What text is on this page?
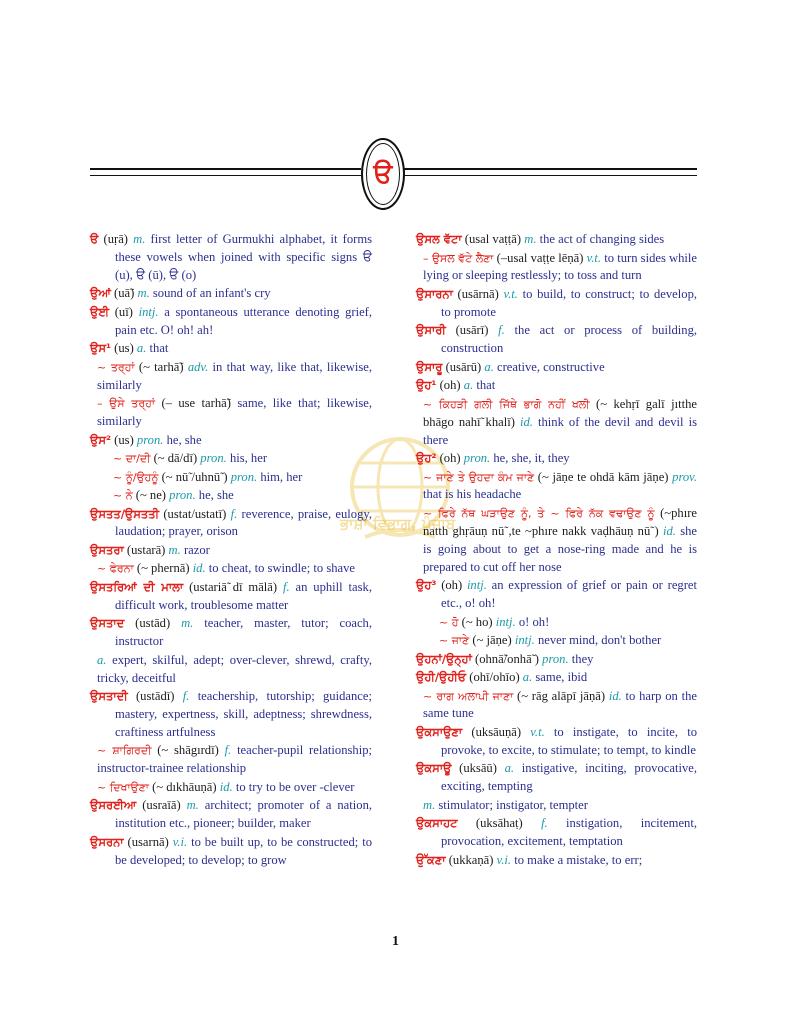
ੳ
ਭਾਸ਼ਾ ਵਿਭਾਗ, ਪੰਜਾਬ
ੳ (uṛā) m. first letter of Gurmukhi alphabet, it forms these vowels when joined with specific signs ੳ (u), ੳ (ū), ੳ (o)
ਉਆਂ (uā̃) m. sound of an infant's cry
ਉਈ (uī) intj. a spontaneous utterance denoting grief, pain etc. O! oh! ah!
ਉਸ¹ (us) a. that
~ ਤਰ੍ਹਾਂ (~ tarhā̃) adv. in that way, like that, likewise, similarly
– ਉਸੇ ਤਰ੍ਹਾਂ (– use tarhā̃) same, like that; likewise, similarly
ਉਸ² (us) pron. he, she
~ ਦਾ/ਦੀ (~ dā/dī) pron. his, her
~ ਨੂੰ/ਉਹਨੂੰ (~ nū̃ /uhnū̃ ) pron. him, her
~ ਨੇ (~ ne) pron. he, she
ਉਸਤਤ/ਉਸਤਤੀ (ustat/ustatī) f. reverence, praise, eulogy, laudation; prayer, orison
ਉਸਤਰਾ (ustarā) m. razor
~ ਫੇਰਨਾ (~ phernā) id. to cheat, to swindle; to shave
ਉਸਤਰਿਆਂ ਦੀ ਮਾਲਾ (ustariā̃ dī mālā) f. an uphill task, difficult work, troublesome matter
ਉਸਤਾਦ (ustād) m. teacher, master, tutor; coach, instructor
a. expert, skilful, adept; over-clever, shrewd, crafty, tricky, deceitful
ਉਸਤਾਦੀ (ustādī) f. teachership, tutorship; guidance; mastery, expertness, skill, adeptness; shrewdness, craftiness artfulness
~ ਸ਼ਾਗਿਰਦੀ (~ shāgırdī) f. teacher-pupil relationship; instructor-trainee relationship
~ ਦਿਖਾਉਣਾ (~ dıkhāuṇā) id. to try to be over -clever
ਉਸਰਈਆ (usraīā) m. architect; promoter of a nation, institution etc., pioneer; builder, maker
ਉਸਰਨਾ (usarnā) v.i. to be built up, to be constructed; to be developed; to develop; to grow
ਉਸਲ ਵੱਟਾ (usal vaṭṭā) m. the act of changing sides
– ਉਸਲ ਵੱਟੇ ਲੈਣਾ (–usal vaṭṭe lēṇā) v.t. to turn sides while lying or sleeping restlessly; to toss and turn
ਉਸਾਰਨਾ (usārnā) v.t. to build, to construct; to develop, to promote
ਉਸਾਰੀ (usārī) f. the act or process of building, construction
ਉਸਾਰੂ (usārū) a. creative, constructive
ਉਹ¹ (oh) a. that
~ ਕਿਹੜੀ ਗਲੀ ਜਿੱਥੇ ਭਾਗੋ ਨਹੀਂ ਖਲੀ (~ kehṛī galī jıtthe bhāgo nahī̃ khalī) id. think of the devil and devil is there
ਉਹ² (oh) pron. he, she, it, they
~ ਜਾਣੇ ਤੇ ਉਹਦਾ ਕੰਮ ਜਾਣੇ (~ jāṇe te ohdā kām jāṇe) prov. that is his headache
~ ਫਿਰੇ ਨੱਥ ਘੜਾਉਣ ਨੂੰ, ਤੇ ~ ਫਿਰੇ ਨੱਕ ਵਢਾਉਣ ਨੂੰ (~phıre natth ghṛāuṇ nū̃ ,te ~phıre nakk vaḍhāuṇ nū̃ ) id. she is going about to get a nose-ring made and he is prepared to cut off her nose
ਉਹ³ (oh) intj. an expression of grief or pain or regret etc., o! oh!
~ ਹੋ (~ ho) intj. o! oh!
~ ਜਾਣੇ (~ jāṇe) intj. never mind, don't bother
ਉਹਨਾਂ/ਉਨ੍ਹਾਂ (ohnā̃/onhā̃ ) pron. they
ਉਹੀ/ਉਹੀਓ (ohī/ohīo) a. same, ibid
~ ਰਾਗ ਅਲਾਪੀ ਜਾਣਾ (~ rāg alāpī jāṇā) id. to harp on the same tune
ਉਕਸਾਉਣਾ (uksāuṇā) v.t. to instigate, to incite, to provoke, to excite, to stimulate; to tempt, to kindle
ਉਕਸਾਊ (uksāū) a. instigative, inciting, provocative, exciting, tempting
m. stimulator; instigator, tempter
ਉਕਸਾਹਟ (uksāhaṭ) f. instigation, incitement, provocation, excitement, temptation
ਉੱਕਣਾ (ukkaṇā) v.i. to make a mistake, to err;
1
